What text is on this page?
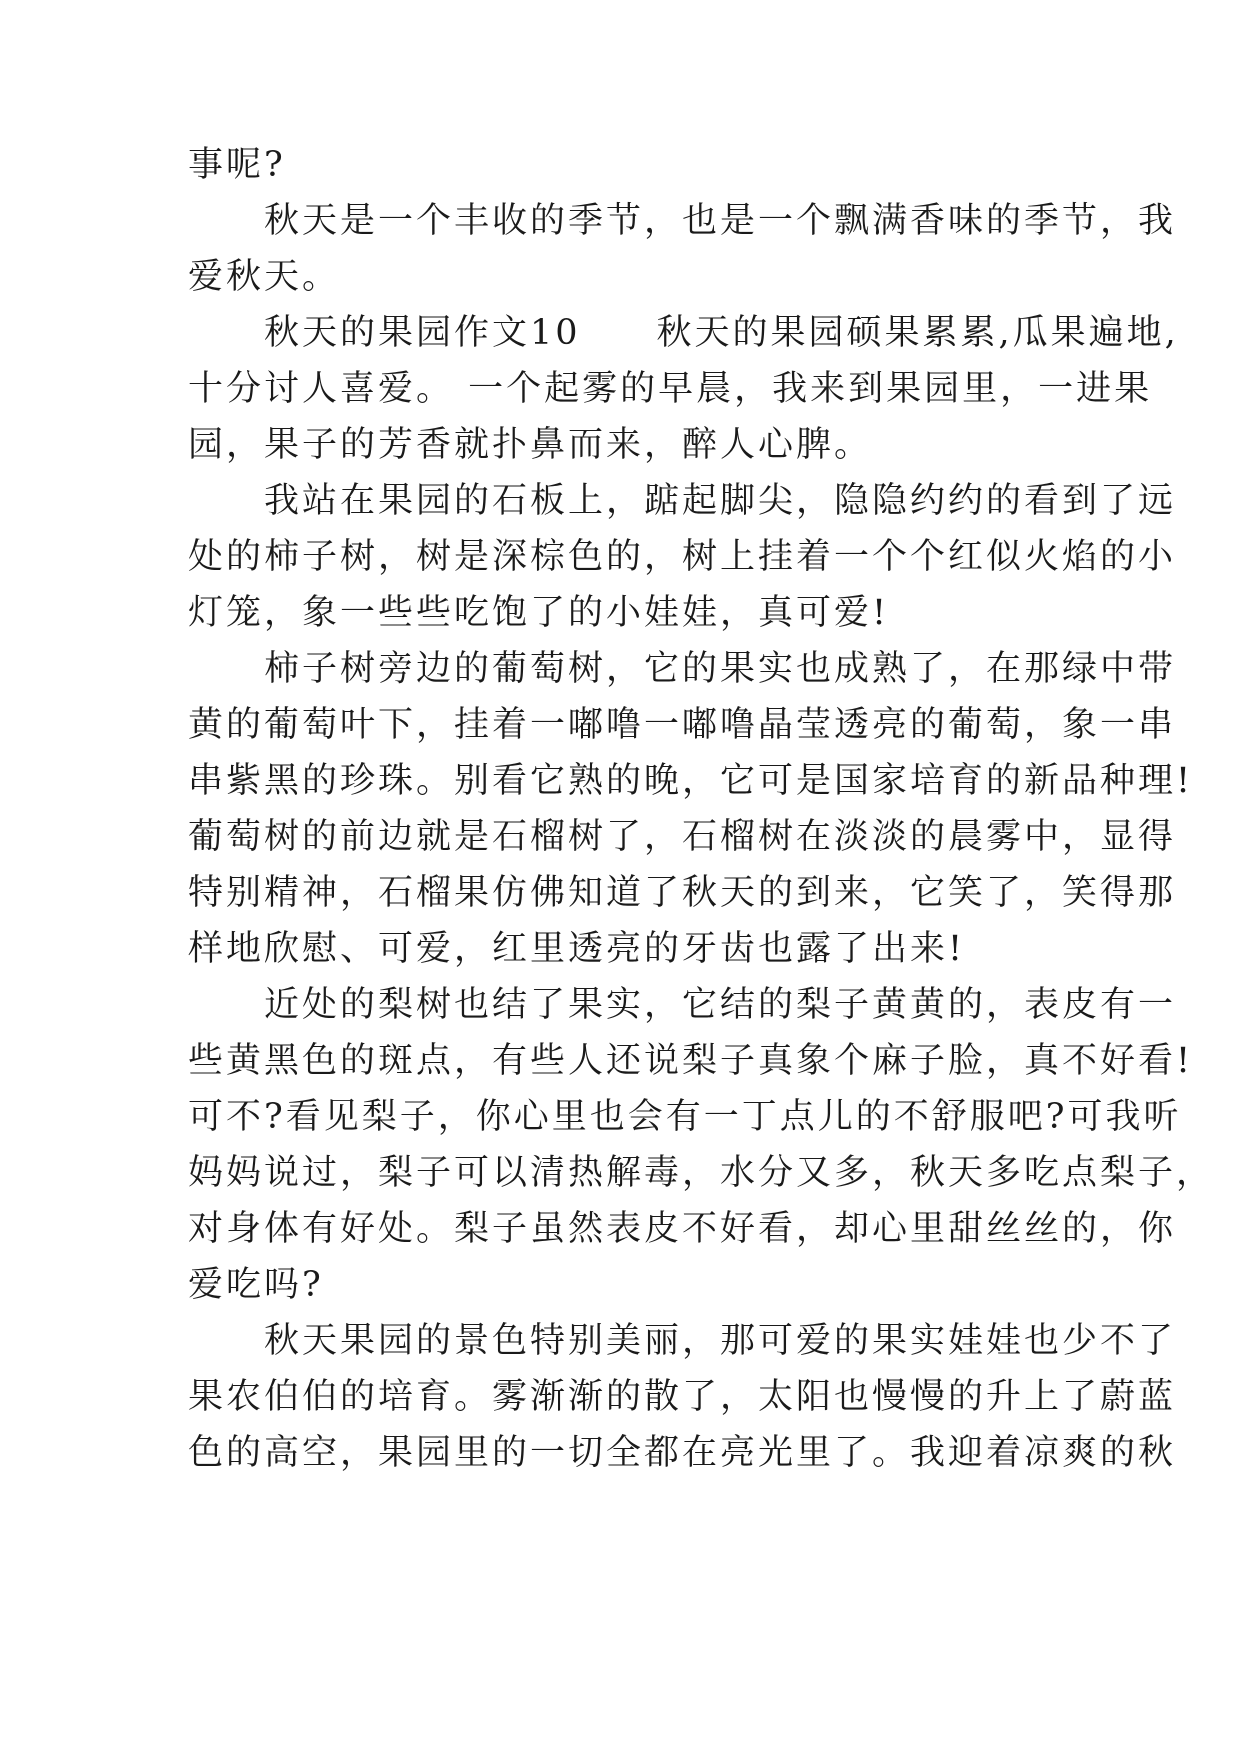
事呢?
　　秋天是一个丰收的季节，也是一个飘满香味的季节，我
爱秋天。
　　秋天的果园作文10　　秋天的果园硕果累累,瓜果遍地,
十分讨人喜爱。 一个起雾的早晨，我来到果园里，一进果
园，果子的芳香就扑鼻而来，醉人心脾。
　　我站在果园的石板上，踮起脚尖，隐隐约约的看到了远
处的柿子树，树是深棕色的，树上挂着一个个红似火焰的小
灯笼，象一些些吃饱了的小娃娃，真可爱!
　　柿子树旁边的葡萄树，它的果实也成熟了，在那绿中带
黄的葡萄叶下，挂着一嘟噜一嘟噜晶莹透亮的葡萄，象一串
串紫黑的珍珠。别看它熟的晚，它可是国家培育的新品种理!
葡萄树的前边就是石榴树了，石榴树在淡淡的晨雾中，显得
特别精神，石榴果仿佛知道了秋天的到来，它笑了，笑得那
样地欣慰、可爱，红里透亮的牙齿也露了出来!
　　近处的梨树也结了果实，它结的梨子黄黄的，表皮有一
些黄黑色的斑点，有些人还说梨子真象个麻子脸，真不好看!
可不?看见梨子，你心里也会有一丁点儿的不舒服吧?可我听
妈妈说过，梨子可以清热解毒，水分又多，秋天多吃点梨子，
对身体有好处。梨子虽然表皮不好看，却心里甜丝丝的，你
爱吃吗?
　　秋天果园的景色特别美丽，那可爱的果实娃娃也少不了
果农伯伯的培育。雾渐渐的散了，太阳也慢慢的升上了蔚蓝
色的高空，果园里的一切全都在亮光里了。我迎着凉爽的秋
